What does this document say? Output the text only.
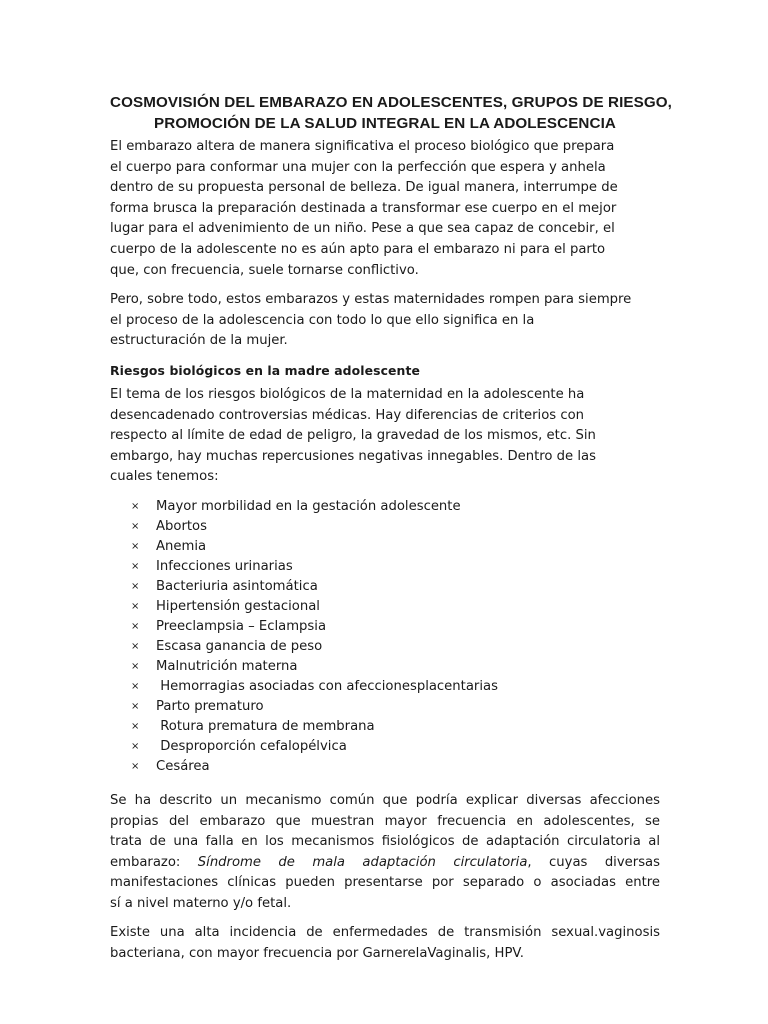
COSMOVISIÓN DEL EMBARAZO EN ADOLESCENTES, GRUPOS DE RIESGO,
PROMOCIÓN DE LA SALUD INTEGRAL EN LA ADOLESCENCIA

El embarazo altera de manera significativa el proceso biológico que prepara
el cuerpo para conformar una mujer con la perfección que espera y anhela
dentro de su propuesta personal de belleza. De igual manera, interrumpe de
forma brusca la preparación destinada a transformar ese cuerpo en el mejor
lugar para el advenimiento de un niño. Pese a que sea capaz de concebir, el
cuerpo de la adolescente no es aún apto para el embarazo ni para el parto
que, con frecuencia, suele tornarse conflictivo.

Pero, sobre todo, estos embarazos y estas maternidades rompen para siempre
el proceso de la adolescencia con todo lo que ello significa en la
estructuración de la mujer.

Riesgos biológicos en la madre adolescente

El tema de los riesgos biológicos de la maternidad en la adolescente ha
desencadenado controversias médicas. Hay diferencias de criterios con
respecto al límite de edad de peligro, la gravedad de los mismos, etc. Sin
embargo, hay muchas repercusiones negativas innegables. Dentro de las
cuales tenemos:

× Mayor morbilidad en la gestación adolescente
× Abortos
× Anemia
× Infecciones urinarias
× Bacteriuria asintomática
× Hipertensión gestacional
× Preeclampsia – Eclampsia
× Escasa ganancia de peso
× Malnutrición materna
× Hemorragias asociadas con afeccionesplacentarias
× Parto prematuro
× Rotura prematura de membrana
× Desproporción cefalopélvica
× Cesárea

Se ha descrito un mecanismo común que podría explicar diversas afecciones
propias del embarazo que muestran mayor frecuencia en adolescentes, se
trata de una falla en los mecanismos fisiológicos de adaptación circulatoria al
embarazo: Síndrome de mala adaptación circulatoria, cuyas diversas
manifestaciones clínicas pueden presentarse por separado o asociadas entre
sí a nivel materno y/o fetal.

Existe una alta incidencia de enfermedades de transmisión sexual.vaginosis
bacteriana, con mayor frecuencia por GarnerelaVaginalis, HPV.
